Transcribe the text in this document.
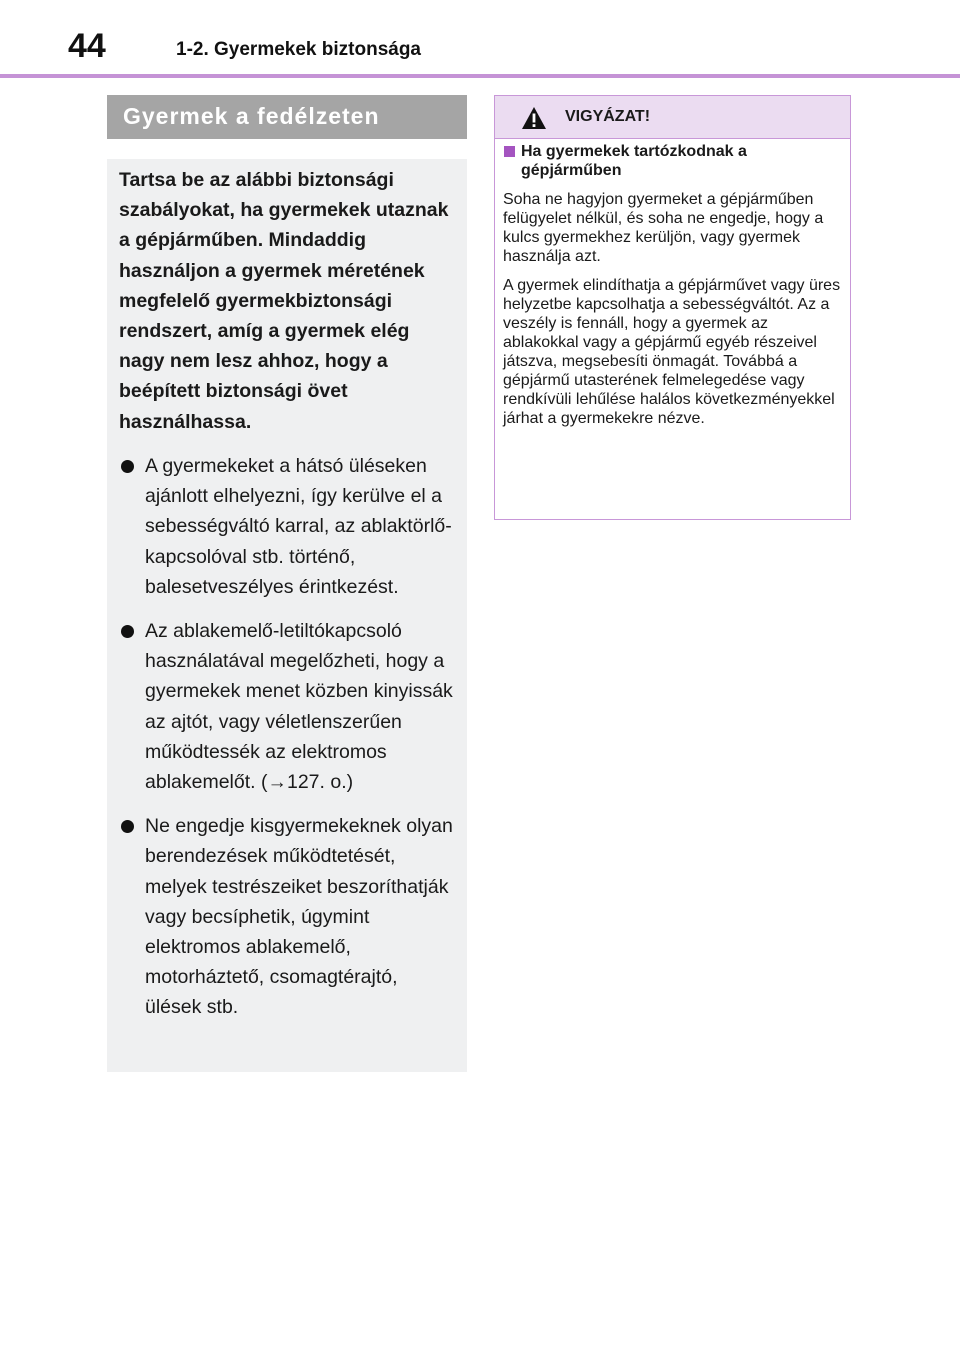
44	1-2. Gyermekek biztonsága
Gyermek a fedélzeten

Tartsa be az alábbi biztonsági szabályokat, ha gyermekek utaznak a gépjárműben. Mindaddig használjon a gyermek méretének megfelelő gyermekbiztonsági rendszert, amíg a gyermek elég nagy nem lesz ahhoz, hogy a beépített biztonsági övet használhassa.

A gyermekeket a hátsó üléseken ajánlott elhelyezni, így kerülve el a sebességváltó karral, az ablaktörlő-kapcsolóval stb. történő, balesetveszélyes érintkezést.
Az ablakemelő-letiltókapcsoló használatával megelőzheti, hogy a gyermekek menet közben kinyissák az ajtót, vagy véletlenszerűen működtessék az elektromos ablakemelőt. (→127. o.)
Ne engedje kisgyermekeknek olyan berendezések működtetését, melyek testrészeiket beszoríthatják vagy becsíphetik, úgymint elektromos ablakemelő, motorháztető, csomagtérajtó, ülések stb.
VIGYÁZAT!

Ha gyermekek tartózkodnak a gépjárműben

Soha ne hagyjon gyermeket a gépjárműben felügyelet nélkül, és soha ne engedje, hogy a kulcs gyermekhez kerüljön, vagy gyermek használja azt.

A gyermek elindíthatja a gépjárművet vagy üres helyzetbe kapcsolhatja a sebességváltót. Az a veszély is fennáll, hogy a gyermek az ablakokkal vagy a gépjármű egyéb részeivel játszva, megsebesíti önmagát. Továbbá a gépjármű utasterének felmelegedése vagy rendkívüli lehűlése halálos következményekkel járhat a gyermekekre nézve.
